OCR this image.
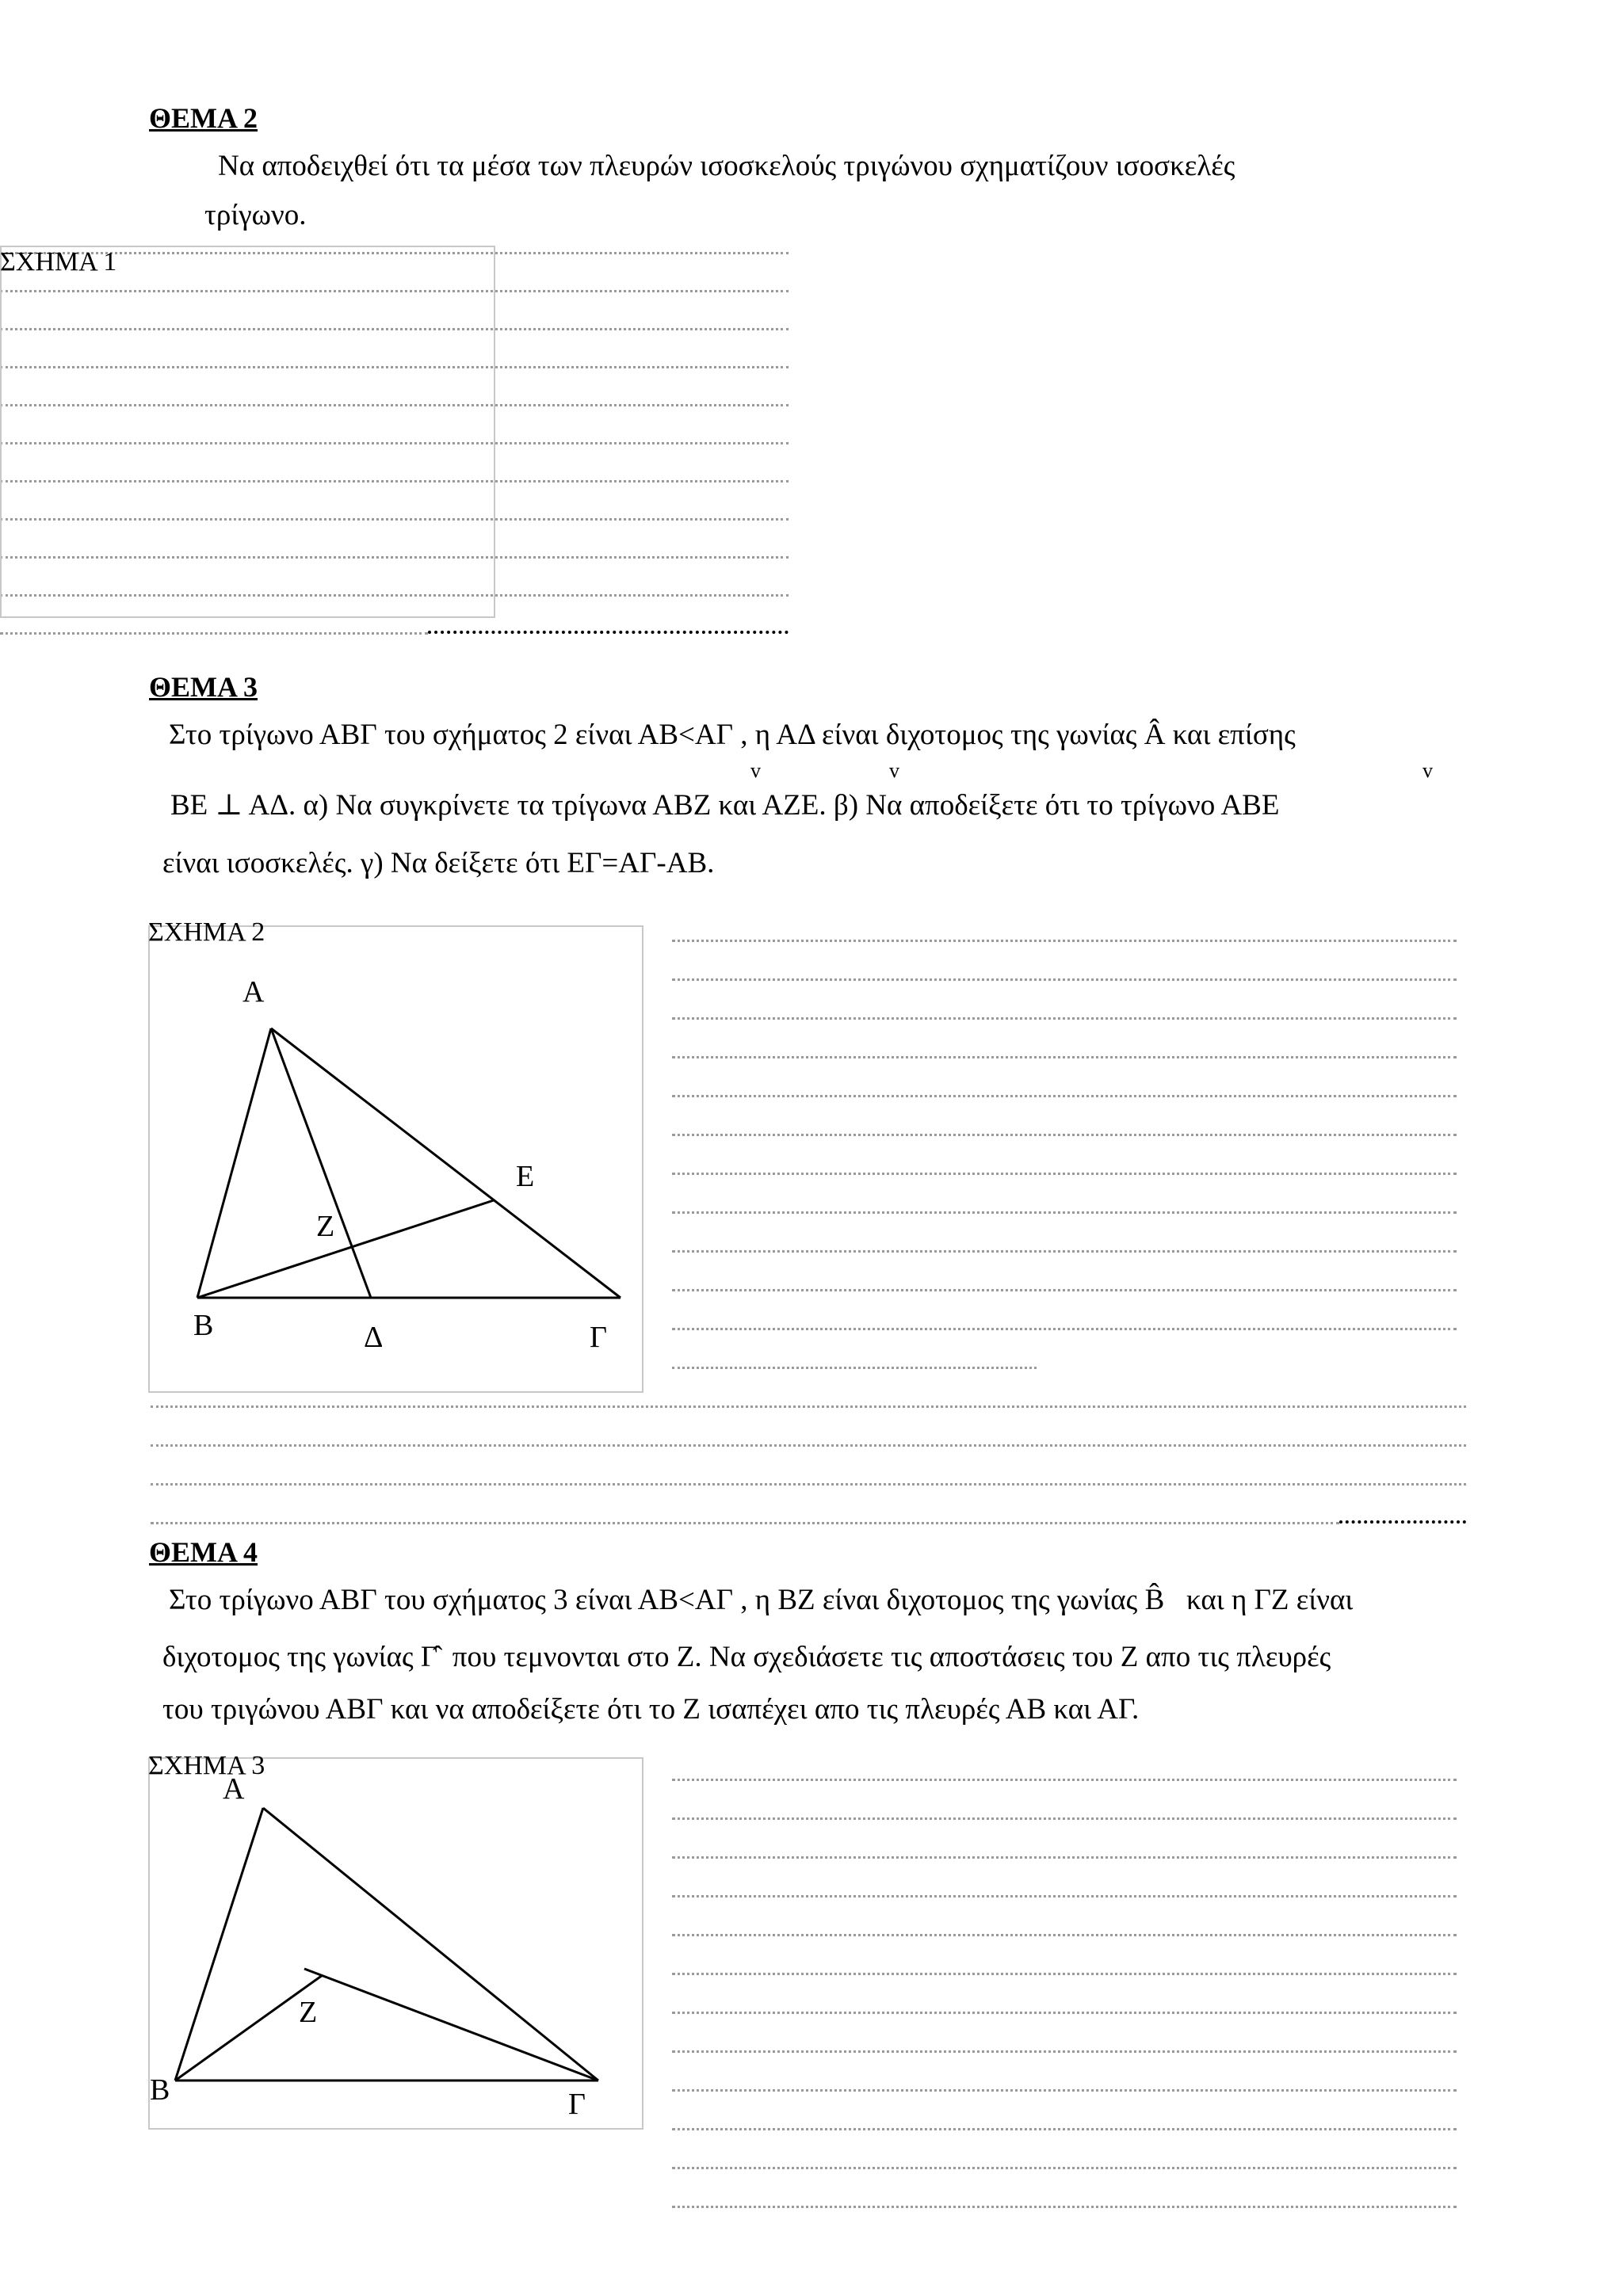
ΘΕΜΑ 2
Να αποδειχθεί ότι τα μέσα των πλευρών ισοσκελούς τριγώνου σχηματίζουν ισοσκελές
τρίγωνο.
ΣΧΗΜΑ 1
ΘΕΜΑ 3
Στο τρίγωνο ΑΒΓ του σχήματος 2 είναι ΑΒ<ΑΓ , η ΑΔ είναι διχοτομος της γωνίας Â και επίσης
v	v	v
ΒΕ ⊥ ΑΔ. α) Να συγκρίνετε τα τρίγωνα ΑΒΖ και ΑΖΕ. β) Να αποδείξετε ότι το τρίγωνο ΑΒΕ
είναι ισοσκελές. γ) Να δείξετε ότι ΕΓ=ΑΓ-ΑΒ.
Α
Ε
Ζ
Β	Δ	Γ
ΣΧΗΜΑ 2
ΘΕΜΑ 4
Στο τρίγωνο ΑΒΓ του σχήματος 3 είναι ΑΒ<ΑΓ , η ΒΖ είναι διχοτομος της γωνίας B̂ και η ΓΖ είναι
διχοτομος της γωνίας Γ̂ που τεμνονται στο Ζ. Να σχεδιάσετε τις αποστάσεις του Ζ απο τις πλευρές
του τριγώνου ΑΒΓ και να αποδείξετε ότι το Ζ ισαπέχει απο τις πλευρές ΑΒ και ΑΓ.
Α
Ζ
Β	Γ
ΣΧΗΜΑ 3
